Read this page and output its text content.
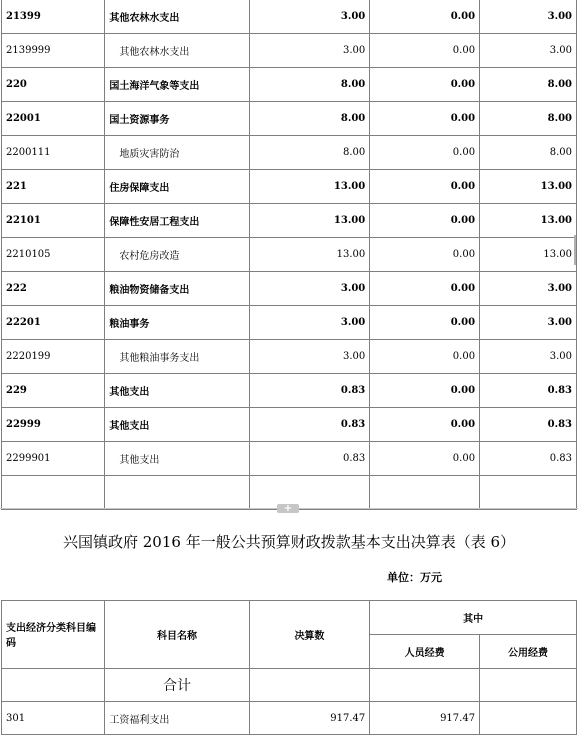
21399	其他农林水支出	3.00	0.00	3.00
2139999	其他农林水支出	3.00	0.00	3.00
220	国土海洋气象等支出	8.00	0.00	8.00
22001	国土资源事务	8.00	0.00	8.00
2200111	地质灾害防治	8.00	0.00	8.00
221	住房保障支出	13.00	0.00	13.00
22101	保障性安居工程支出	13.00	0.00	13.00
2210105	农村危房改造	13.00	0.00	13.00
222	粮油物资储备支出	3.00	0.00	3.00
22201	粮油事务	3.00	0.00	3.00
2220199	其他粮油事务支出	3.00	0.00	3.00
229	其他支出	0.83	0.00	0.83
22999	其他支出	0.83	0.00	0.83
2299901	其他支出	0.83	0.00	0.83

+
兴国镇政府 2016 年一般公共预算财政拨款基本支出决算表（表 6）
单位：万元
支出经济分类科目编码	科目名称	决算数	其中	
			人员经费	公用经费
	合计			
301	工资福利支出	917.47	917.47	
